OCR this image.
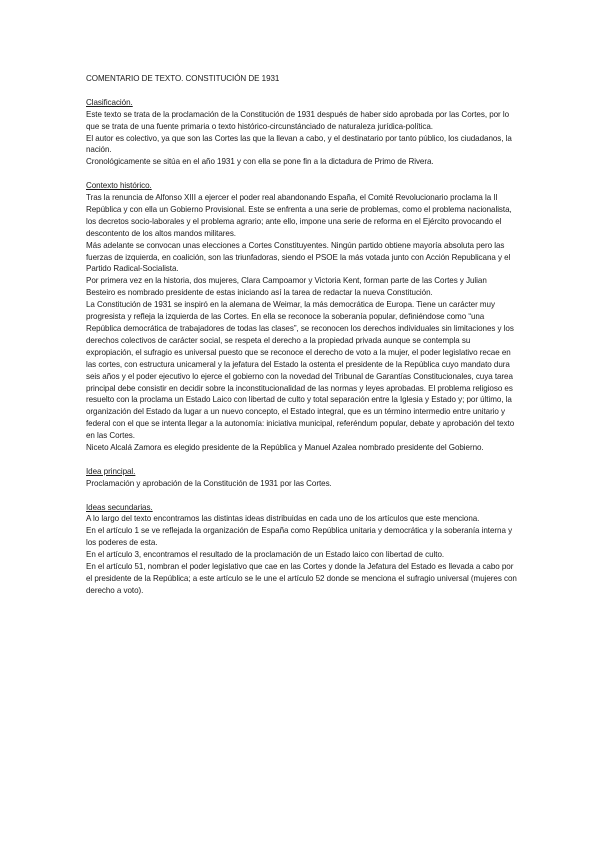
COMENTARIO DE TEXTO. CONSTITUCIÓN DE 1931

Clasificación.

Este texto se trata de la proclamación de la Constitución de 1931 después de haber sido aprobada por las Cortes, por lo que se trata de una fuente primaria o texto histórico-circunstánciado de naturaleza jurídica-política.

El autor es colectivo, ya que son las Cortes las que la llevan a cabo, y el destinatario por tanto público, los ciudadanos, la nación.

Cronológicamente se sitúa en el año 1931 y con ella se pone fin a la dictadura de Primo de Rivera.

Contexto histórico.

Tras la renuncia de Alfonso XIII a ejercer el poder real abandonando España, el Comité Revolucionario proclama la II República y con ella un Gobierno Provisional. Este se enfrenta a una serie de problemas, como el problema nacionalista, los decretos socio-laborales y el problema agrario; ante ello, impone una serie de reforma en el Ejército provocando el descontento de los altos mandos militares.

Más adelante se convocan unas elecciones a Cortes Constituyentes. Ningún partido obtiene mayoría absoluta pero las fuerzas de izquierda, en coalición, son las triunfadoras, siendo el PSOE la más votada junto con Acción Republicana y el Partido Radical-Socialista.

Por primera vez en la historia, dos mujeres, Clara Campoamor y Victoria Kent, forman parte de las Cortes y Julian Besteiro es nombrado presidente de estas iniciando así la tarea de redactar la nueva Constitución.

La Constitución de 1931 se inspiró en la alemana de Weimar, la más democrática de Europa. Tiene un carácter muy progresista y refleja la izquierda de las Cortes. En ella se reconoce la soberanía popular, definiéndose como “una República democrática de trabajadores de todas las clases”, se reconocen los derechos individuales sin limitaciones y los derechos colectivos de carácter social, se respeta el derecho a la propiedad privada aunque se contempla su expropiación, el sufragio es universal puesto que se reconoce el derecho de voto a la mujer, el poder legislativo recae en las cortes, con estructura unicameral y la jefatura del Estado la ostenta el presidente de la República cuyo mandato dura seis años y el poder ejecutivo lo ejerce el gobierno con la novedad del Tribunal de Garantías Constitucionales, cuya tarea principal debe consistir en decidir sobre la inconstitucionalidad de las normas y leyes aprobadas. El problema religioso es resuelto con la proclama un Estado Laico con libertad de culto y total separación entre la Iglesia y Estado y; por último, la organización del Estado da lugar a un nuevo concepto, el Estado integral, que es un término intermedio entre unitario y federal con el que se intenta llegar a la autonomía: iniciativa municipal, referéndum popular, debate y aprobación del texto en las Cortes.

Niceto Alcalá Zamora es elegido presidente de la República y Manuel Azalea nombrado presidente del Gobierno.

Idea principal.

Proclamación y aprobación de la Constitución de 1931 por las Cortes.

Ideas secundarias.

A lo largo del texto encontramos las distintas ideas distribuidas en cada uno de los artículos que este menciona.

En el artículo 1 se ve reflejada la organización de España como República unitaria y democrática y la soberanía interna y los poderes de esta.

En el artículo 3, encontramos el resultado de la proclamación de un Estado laico con libertad de culto.

En el artículo 51, nombran el poder legislativo que cae en las Cortes y donde la Jefatura del Estado es llevada a cabo por el presidente de la República; a este artículo se le une el artículo 52 donde se menciona el sufragio universal (mujeres con derecho a voto).
